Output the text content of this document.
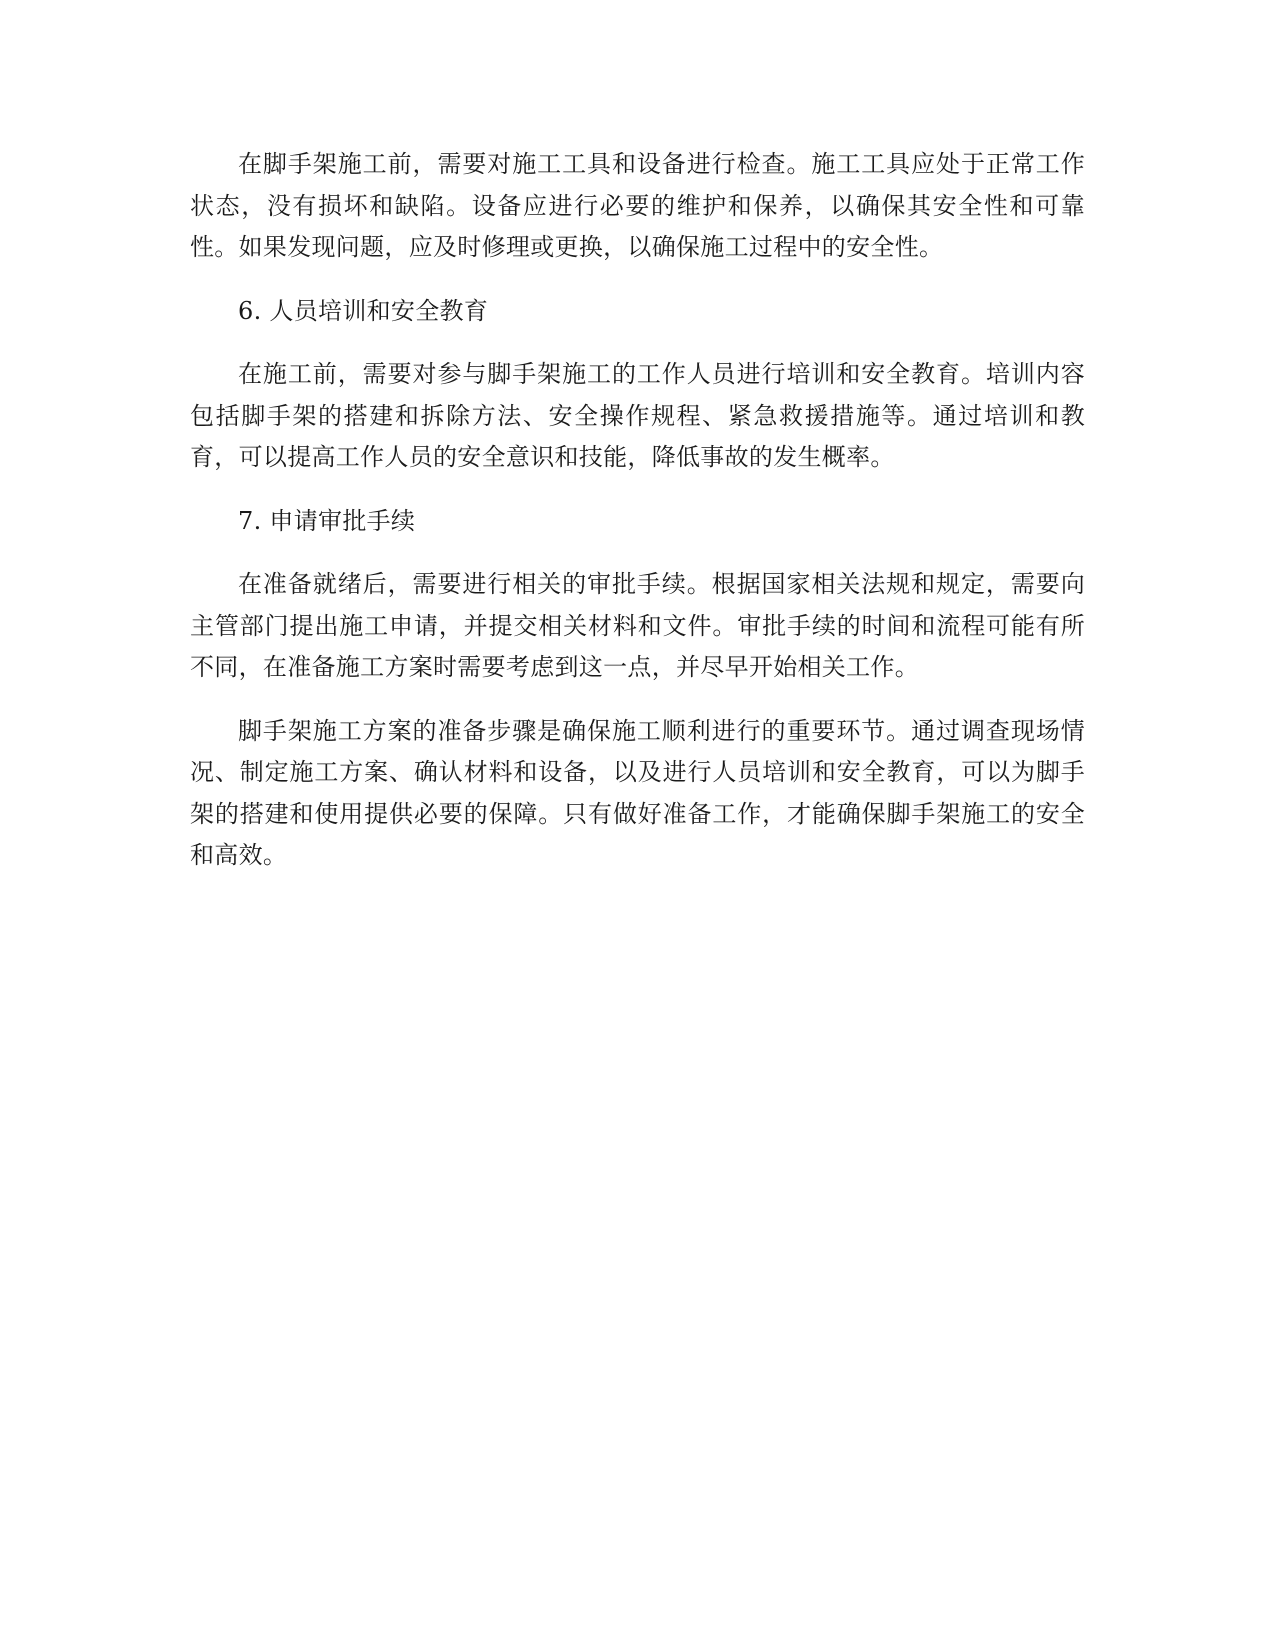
在脚手架施工前，需要对施工工具和设备进行检查。施工工具应处于正常工作状态，没有损坏和缺陷。设备应进行必要的维护和保养，以确保其安全性和可靠性。如果发现问题，应及时修理或更换，以确保施工过程中的安全性。

6. 人员培训和安全教育

在施工前，需要对参与脚手架施工的工作人员进行培训和安全教育。培训内容包括脚手架的搭建和拆除方法、安全操作规程、紧急救援措施等。通过培训和教育，可以提高工作人员的安全意识和技能，降低事故的发生概率。

7. 申请审批手续

在准备就绪后，需要进行相关的审批手续。根据国家相关法规和规定，需要向主管部门提出施工申请，并提交相关材料和文件。审批手续的时间和流程可能有所不同，在准备施工方案时需要考虑到这一点，并尽早开始相关工作。

脚手架施工方案的准备步骤是确保施工顺利进行的重要环节。通过调查现场情况、制定施工方案、确认材料和设备，以及进行人员培训和安全教育，可以为脚手架的搭建和使用提供必要的保障。只有做好准备工作，才能确保脚手架施工的安全和高效。
